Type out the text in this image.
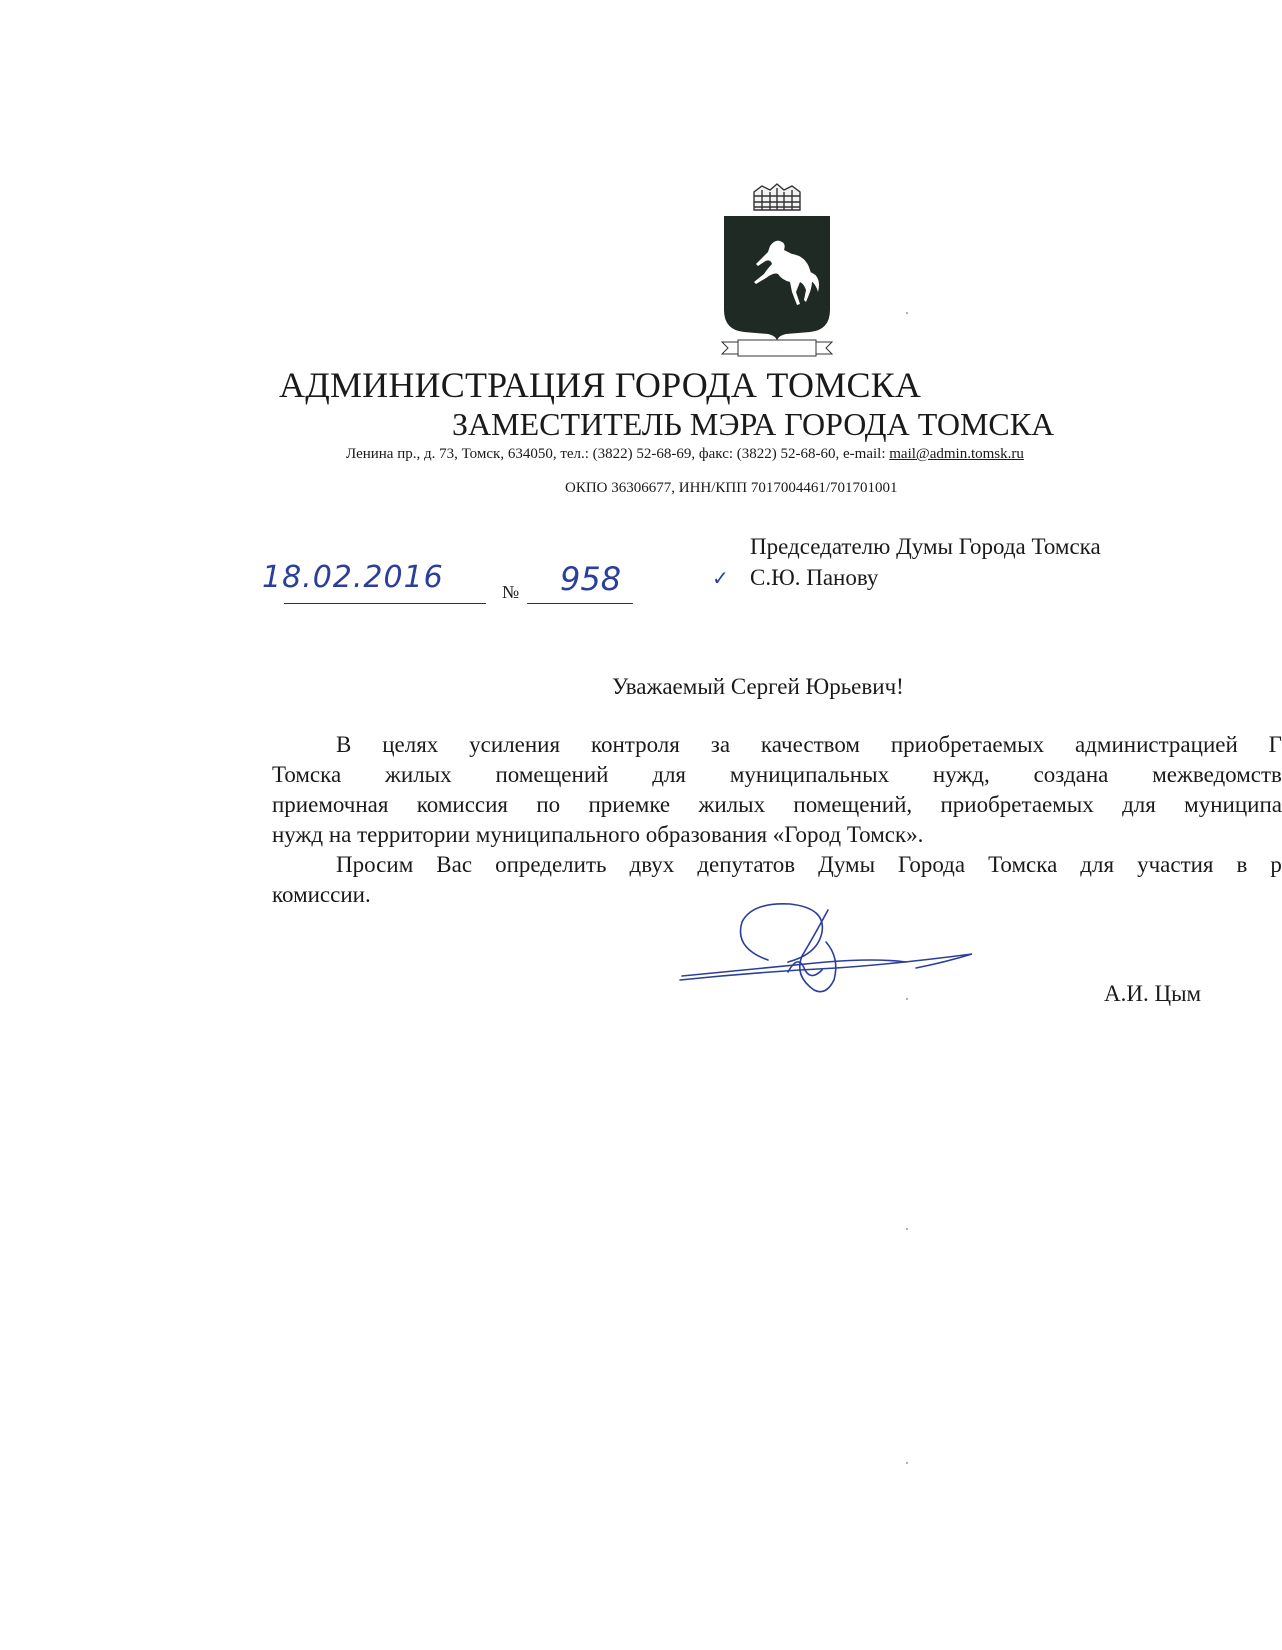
АДМИНИСТРАЦИЯ ГОРОДА ТОМСКА
ЗАМЕСТИТЕЛЬ МЭРА ГОРОДА ТОМСКА
Ленина пр., д. 73, Томск, 634050, тел.: (3822) 52-68-69, факс: (3822) 52-68-60, e-mail: mail@admin.tomsk.ru
ОКПО 36306677, ИНН/КПП 7017004461/701701001
18.02.2016	№ 958	✓
Председателю Думы Города Томска
С.Ю. Панову
Уважаемый Сергей Юрьевич!
В целях усиления контроля за качеством приобретаемых администрацией Г
Томска жилых помещений для муниципальных нужд, создана межведомств
приемочная комиссия по приемке жилых помещений, приобретаемых для муниципа
нужд на территории муниципального образования «Город Томск».
Просим Вас определить двух депутатов Думы Города Томска для участия в р
комиссии.
А.И. Цым
